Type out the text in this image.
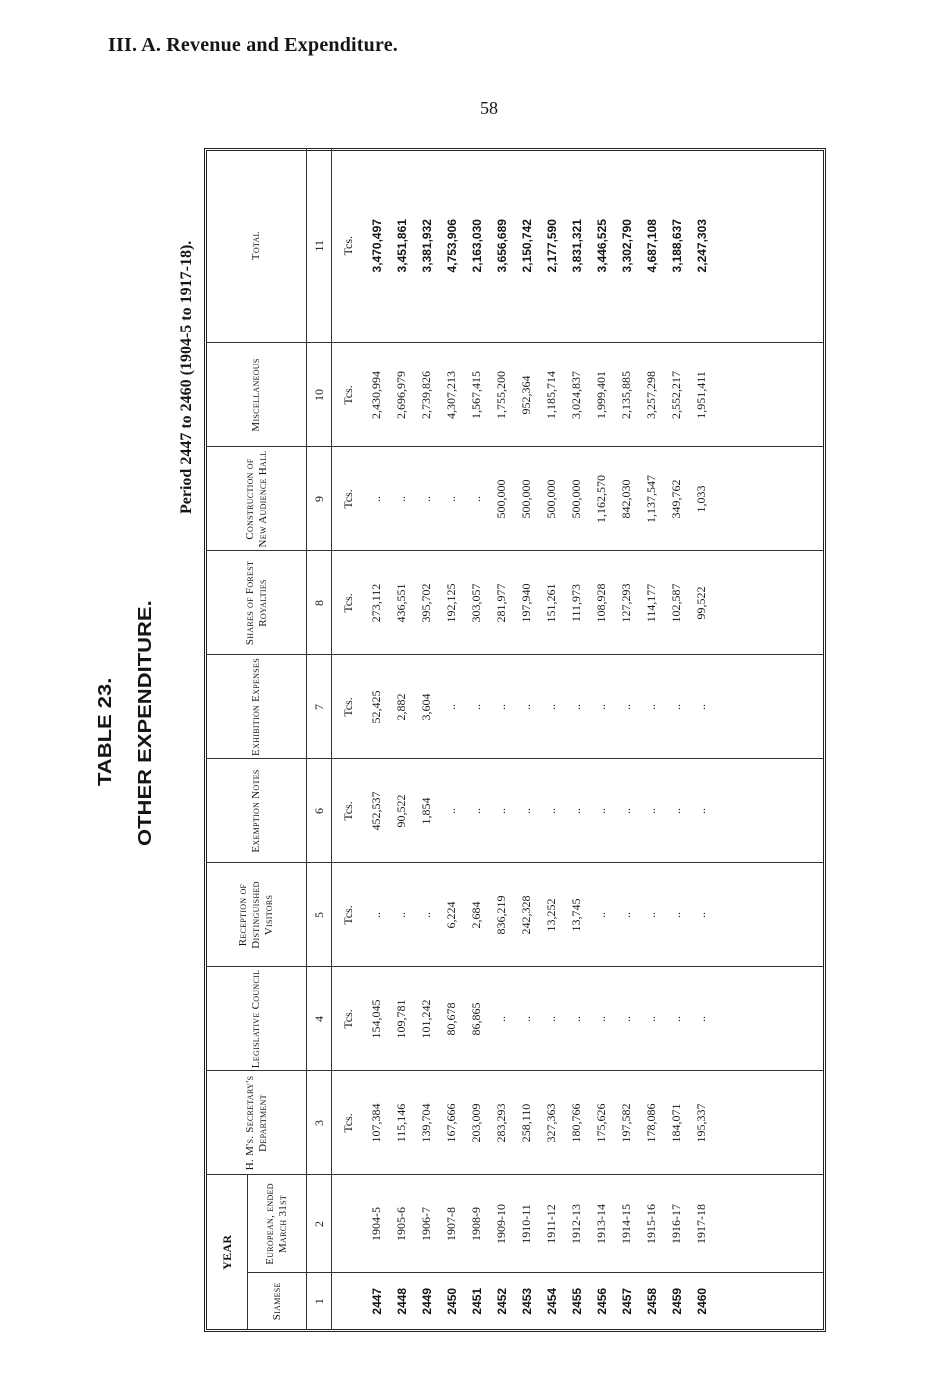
III. A. Revenue and Expenditure.
58
TABLE 23. OTHER EXPENDITURE.
Period 2447 to 2460 (1904-5 to 1917-18).
YEAR		H. M's. Secretary's Department	Legislative Council	Reception of Distinguished Visitors	Exemption Notes	Exhibition Expenses	Shares of Forest Royalties	Construction of New Audience Hall	Miscellaneous	Total
Siamese	European, ended March 31st									
1	2	3	4	5	6	7	8	9	10	11
		Tcs.	Tcs.	Tcs.	Tcs.	Tcs.	Tcs.	Tcs.	Tcs.	Tcs.
2447	1904-5	107,384	154,045	..	452,537	52,425	273,112	..	2,430,994	3,470,497
2448	1905-6	115,146	109,781	..	90,522	2,882	436,551	..	2,696,979	3,451,861
2449	1906-7	139,704	101,242	..	1,854	3,604	395,702	..	2,739,826	3,381,932
2450	1907-8	167,666	80,678	6,224	..	..	192,125	..	4,307,213	4,753,906
2451	1908-9	203,009	86,865	2,684	..	..	303,057	..	1,567,415	2,163,030
2452	1909-10	283,293	..	836,219	..	..	281,977	500,000	1,755,200	3,656,689
2453	1910-11	258,110	..	242,328	..	..	197,940	500,000	952,364	2,150,742
2454	1911-12	327,363	..	13,252	..	..	151,261	500,000	1,185,714	2,177,590
2455	1912-13	180,766	..	13,745	..	..	111,973	500,000	3,024,837	3,831,321
2456	1913-14	175,626	..	..	..	..	108,928	1,162,570	1,999,401	3,446,525
2457	1914-15	197,582	..	..	..	..	127,293	842,030	2,135,885	3,302,790
2458	1915-16	178,086	..	..	..	..	114,177	1,137,547	3,257,298	4,687,108
2459	1916-17	184,071	..	..	..	..	102,587	349,762	2,552,217	3,188,637
2460	1917-18	195,337	..	..	..	..	99,522	1,033	1,951,411	2,247,303
